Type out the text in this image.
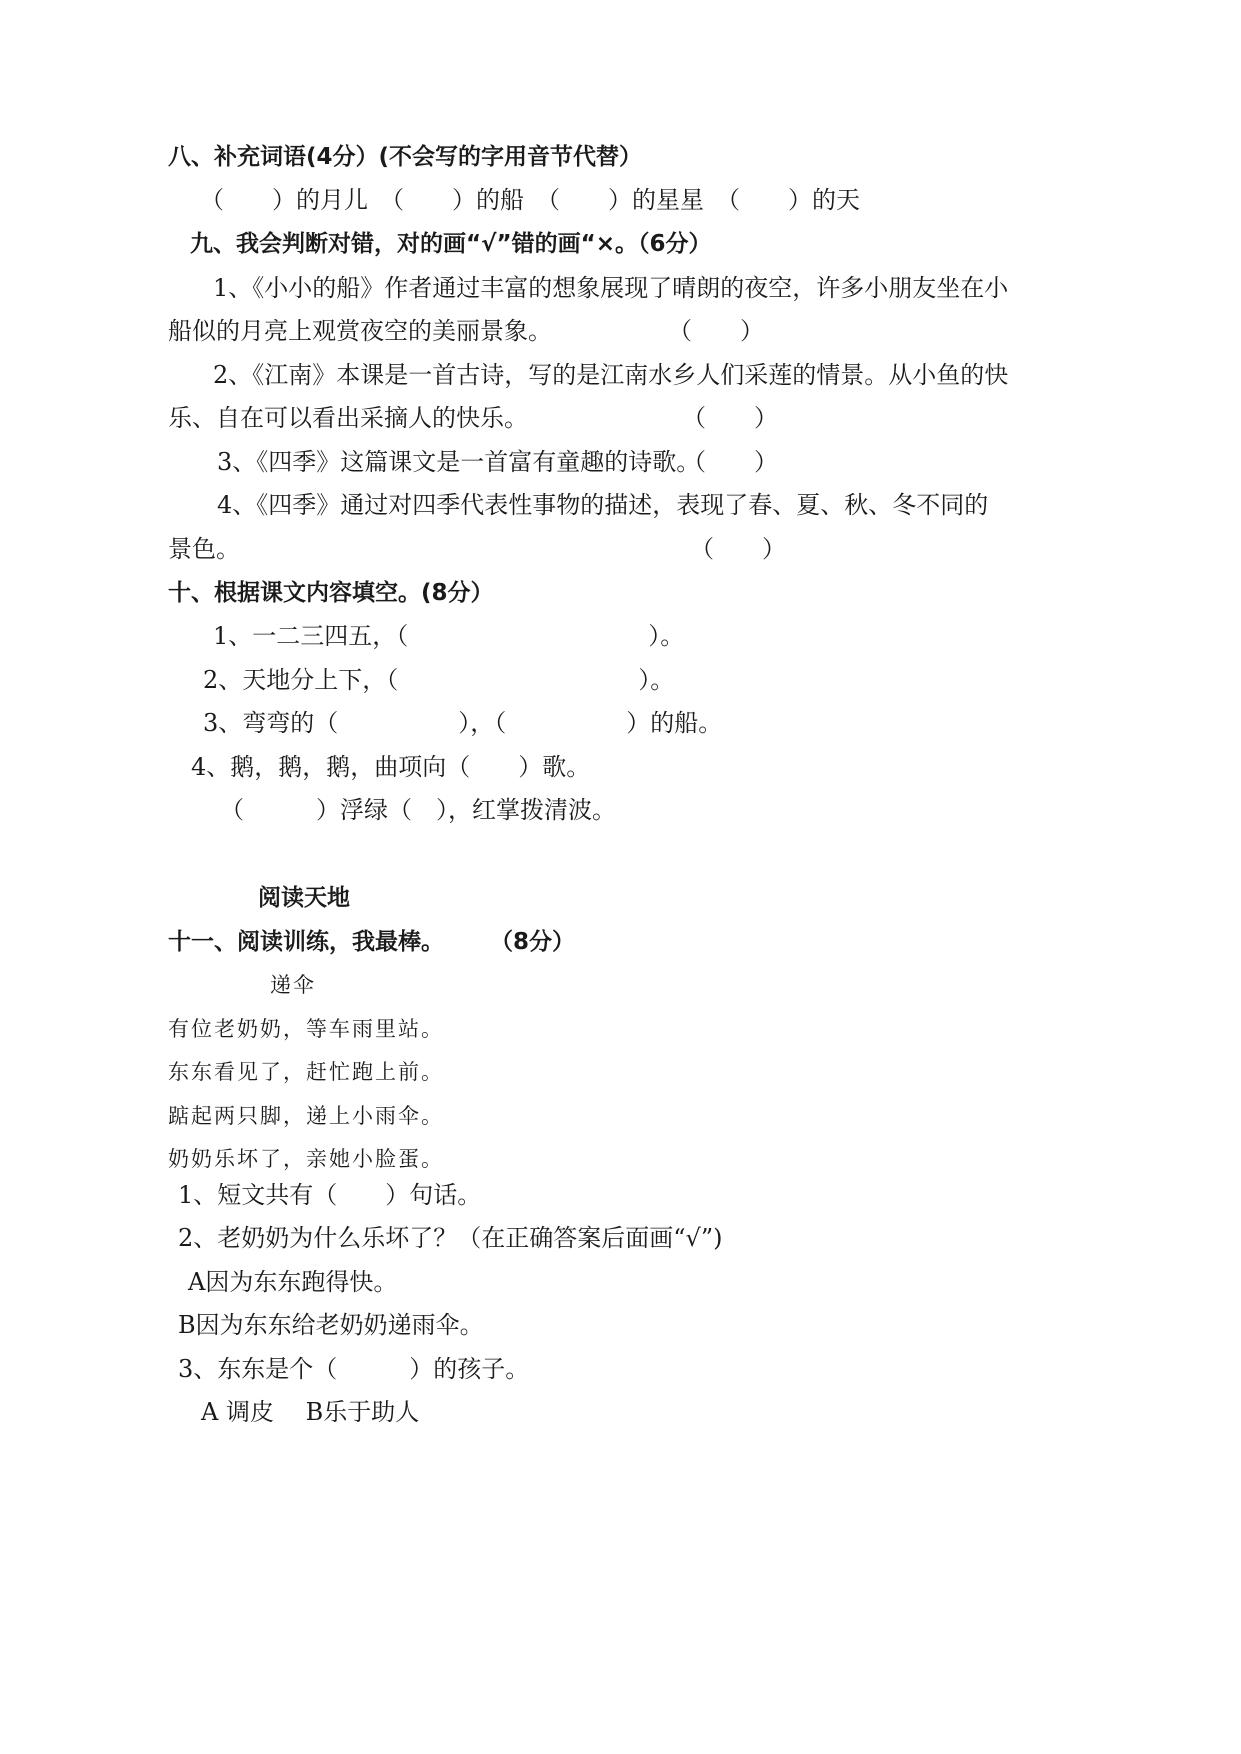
八、补充词语(4分）(不会写的字用音节代替）
（　　）的月儿　（　　）的船　（　　）的星星　（　　）的天
九、我会判断对错，对的画“√”错的画“×。（6分）
1、《小小的船》作者通过丰富的想象展现了晴朗的夜空，许多小朋友坐在小
船似的月亮上观赏夜空的美丽景象。	（　　）
2、《江南》本课是一首古诗，写的是江南水乡人们采莲的情景。从小鱼的快
乐、自在可以看出采摘人的快乐。	（　　）
3、《四季》这篇课文是一首富有童趣的诗歌。
（　　）
4、《四季》通过对四季代表性事物的描述，表现了春、夏、秋、冬不同的
景色。	（　　）
十、根据课文内容填空。(8分）
1、一二三四五，（　　　　　　　　　　）。
2、天地分上下，（　　　　　　　　　　）。
3、弯弯的（　　　　　），（　　　　　）的船。
4、鹅，鹅，鹅，曲项向（　　）歌。
（　　　）浮绿（　），红掌拨清波。
阅读天地
十一、阅读训练，我最棒。　　　（8分）
递伞
有位老奶奶，等车雨里站。
东东看见了，赶忙跑上前。
踮起两只脚，递上小雨伞。
奶奶乐坏了，亲她小脸蛋。
1、短文共有（　　）句话。
2、老奶奶为什么乐坏了？（在正确答案后面画“√”)
A因为东东跑得快。
B因为东东给老奶奶递雨伞。
3、东东是个（　　　）的孩子。
A 调皮　 B乐于助人
